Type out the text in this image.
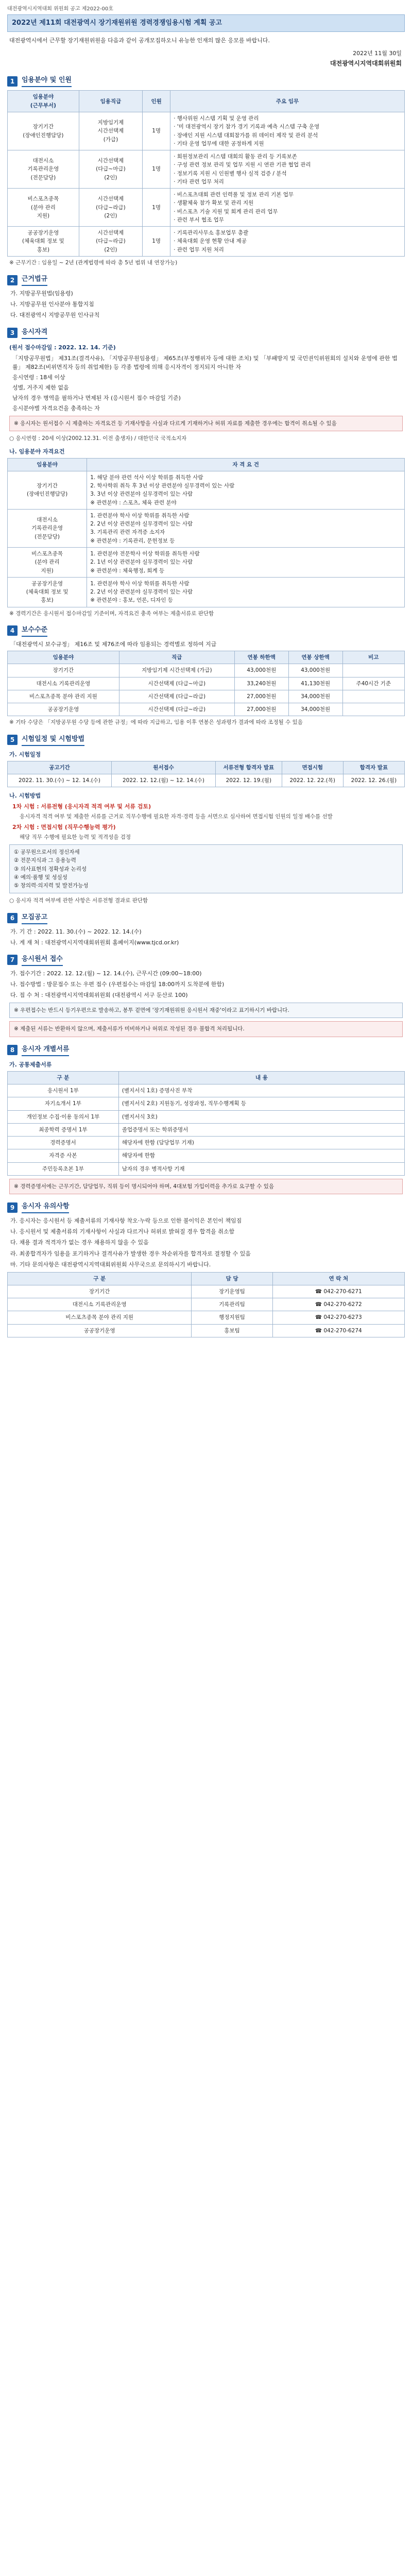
대전광역시지역대회 위원회 공고 제2022-00호
2022년 제11회 대전광역시 장기재원위원 경력경쟁임용시험 계획 공고
대전광역시에서 근무할 장기재원위원을 다음과 같이 공개모집하오니 유능한 인재의 많은 응모를 바랍니다.
2022년 11월 30일
대전광역시지역대회위원회
1	임용분야 및 인원
임용분야
(근무부서)	임용직급	인원	주요 임무
장기기간
(장애인진행담당)	지방임기제
시간선택제
(가급)	1명	· 행사위원 시스템 기획 및 운영 관리
· '미 대전광역시 장기 참가 경기 기록과 예측 시스템 구축 운영
· 장애인 지원 시스템 대회참가를 위 데이터 제작 및 관리 분석
· 기타 운영 업무에 대한 공정하게 지원
대전시소
기록관리운영
(전문담당)	시간선택제
(다급~마급)
(2인)	1명	· 회원정보관리 시스템 대회의 활동 관리 등 기록보존
· 구성 관련 정보 관리 및 업무 지원 시 연관 기관 협업 관리
· 정보기록 지원 시 인원별 행사 실적 검증 / 분석
· 기타 관련 업무 처리
비스포츠종목
(분야 관리
지원)	시간선택제
(다급~라급)
(2인)	1명	· 비스포츠대회 관련 인력풀 및 정보 관리 기본 업무
· 생활체육 참가 확보 및 관리 지원
· 비스포츠 기술 지원 및 회계 관리 관리 업무
· 관련 부서 협조 업무
공공장기운영
(체육대회 정보 및
홍보)	시간선택제
(다급~라급)
(2인)	1명	· 기록관리사무소 홍보업무 총괄
· 체육대회 운영 현황 안내 제공
· 관련 업무 지원 처리
※ 근무기간 : 임용일 ~ 2년 (관계법령에 따라 총 5년 범위 내 연장가능)
2	근거법규
가. 지방공무원법(임용령)
나. 지방공무원 인사분야 통합지침
다. 대전광역시 지방공무원 인사규칙
3	응시자격
(원서 접수마감일 : 2022. 12. 14. 기준)
「지방공무원법」 제31조(결격사유), 「지방공무원임용령」 제65조(부정행위자 등에 대한 조치) 및 「부패방지 및 국민권익위원회의 설치와 운영에 관한 법률」 제82조(비위면직자 등의 취업제한) 등 각종 법령에 의해 응시자격이 정지되지 아니한 자
응시연령 : 18세 이상
성별, 거주지 제한 없음
남자의 경우 병역을 필하거나 면제된 자 (응시원서 접수 마감일 기준)
응시분야별 자격요건을 충족하는 자
※ 응시자는 원서접수 시 제출하는 자격요건 등 기재사항을 사실과 다르게 기재하거나 허위 자료를 제출한 경우에는 합격이 취소될 수 있음
○ 응시연령 : 20세 이상(2002.12.31. 이전 출생자) / 대한민국 국적소지자
나. 임용분야 자격요건
임용분야	자 격 요 건
장기기간
(장애인진행담당)	1. 해당 분야 관련 석사 이상 학위를 취득한 사람
2. 학사학위 취득 후 3년 이상 관련분야 실무경력이 있는 사람
3. 3년 이상 관련분야 실무경력이 있는 사람
※ 관련분야 : 스포츠, 체육 관련 분야
대전시소
기록관리운영
(전문담당)	1. 관련분야 학사 이상 학위를 취득한 사람
2. 2년 이상 관련분야 실무경력이 있는 사람
3. 기록관리 관련 자격증 소지자
※ 관련분야 : 기록관리, 문헌정보 등
비스포츠종목
(분야 관리
지원)	1. 관련분야 전문학사 이상 학위를 취득한 사람
2. 1년 이상 관련분야 실무경력이 있는 사람
※ 관련분야 : 체육행정, 회계 등
공공장기운영
(체육대회 정보 및
홍보)	1. 관련분야 학사 이상 학위를 취득한 사람
2. 2년 이상 관련분야 실무경력이 있는 사람
※ 관련분야 : 홍보, 언론, 디자인 등
※ 경력기간은 응시원서 접수마감일 기준이며, 자격요건 충족 여부는 제출서류로 판단함
4	보수수준
「대전광역시 보수규정」 제16조 및 제76조에 따라 임용되는 경력별로 정하여 지급
임용분야	직급	연봉 하한액	연봉 상한액	비고
장기기간	지방임기제 시간선택제 (가급)	43,000천원	43,000천원	
대전시소 기록관리운영	시간선택제 (다급~마급)	33,240천원	41,130천원	주40시간 기준
비스포츠종목 분야 관리 지원	시간선택제 (다급~라급)	27,000천원	34,000천원	
공공장기운영	시간선택제 (다급~라급)	27,000천원	34,000천원	
※ 기타 수당은 「지방공무원 수당 등에 관한 규정」에 따라 지급하고, 임용 이후 연봉은 성과평가 결과에 따라 조정될 수 있음
5	시험일정 및 시험방법
가. 시험일정
공고기간	원서접수	서류전형 합격자 발표	면접시험	합격자 발표
2022. 11. 30.(수) ~ 12. 14.(수)	2022. 12. 12.(월) ~ 12. 14.(수)	2022. 12. 19.(월)	2022. 12. 22.(목)	2022. 12. 26.(월)
나. 시험방법
1차 시험 : 서류전형 (응시자격 적격 여부 및 서류 검토)
응시자격 적격 여부 및 제출한 서류를 근거로 직무수행에 필요한 자격·경력 등을 서면으로 심사하여 면접시험 인원의 일정 배수를 선발
2차 시험 : 면접시험 (직무수행능력 평가)
해당 직무 수행에 필요한 능력 및 적격성을 검정
① 공무원으로서의 정신자세
② 전문지식과 그 응용능력
③ 의사표현의 정확성과 논리성
④ 예의·품행 및 성실성
⑤ 창의력·의지력 및 발전가능성
○ 응시자 적격 여부에 관한 사항은 서류전형 결과로 판단함
6	모집공고
가. 기 간 : 2022. 11. 30.(수) ~ 2022. 12. 14.(수)
나. 게 재 처 : 대전광역시지역대회위원회 홈페이지(www.tjcd.or.kr)
7	응시원서 접수
가. 접수기간 : 2022. 12. 12.(월) ~ 12. 14.(수), 근무시간 (09:00~18:00)
나. 접수방법 : 방문접수 또는 우편 접수 (우편접수는 마감일 18:00까지 도착분에 한함)
다. 접 수 처 : 대전광역시지역대회위원회 (대전광역시 서구 둔산로 100)
※ 우편접수는 반드시 등기우편으로 발송하고, 봉투 겉면에 '장기재원위원 응시원서 재중'이라고 표기하시기 바랍니다.
※ 제출된 서류는 반환하지 않으며, 제출서류가 미비하거나 허위로 작성된 경우 불합격 처리됩니다.
8	응시자 개별서류
가. 공통제출서류
구 분	내 용
응시원서 1부	(별지서식 1호) 증명사진 부착
자기소개서 1부	(별지서식 2호) 지원동기, 성장과정, 직무수행계획 등
개인정보 수집·이용 동의서 1부	(별지서식 3호)
최종학력 증명서 1부	졸업증명서 또는 학위증명서
경력증명서	해당자에 한함 (담당업무 기재)
자격증 사본	해당자에 한함
주민등록초본 1부	남자의 경우 병적사항 기재
※ 경력증명서에는 근무기간, 담당업무, 직위 등이 명시되어야 하며, 4대보험 가입이력을 추가로 요구할 수 있음
9	응시자 유의사항
가. 응시자는 응시원서 등 제출서류의 기재사항 착오·누락 등으로 인한 불이익은 본인이 책임짐
나. 응시원서 및 제출서류의 기재사항이 사실과 다르거나 허위로 밝혀질 경우 합격을 취소함
다. 채용 결과 적격자가 없는 경우 채용하지 않을 수 있음
라. 최종합격자가 임용을 포기하거나 결격사유가 발생한 경우 차순위자를 합격자로 결정할 수 있음
마. 기타 문의사항은 대전광역시지역대회위원회 사무국으로 문의하시기 바랍니다.
구 분	담 당	연 락 처
장기기간	장기운영팀	☎ 042-270-6271
대전시소 기록관리운영	기록관리팀	☎ 042-270-6272
비스포츠종목 분야 관리 지원	행정지원팀	☎ 042-270-6273
공공장기운영	홍보팀	☎ 042-270-6274
